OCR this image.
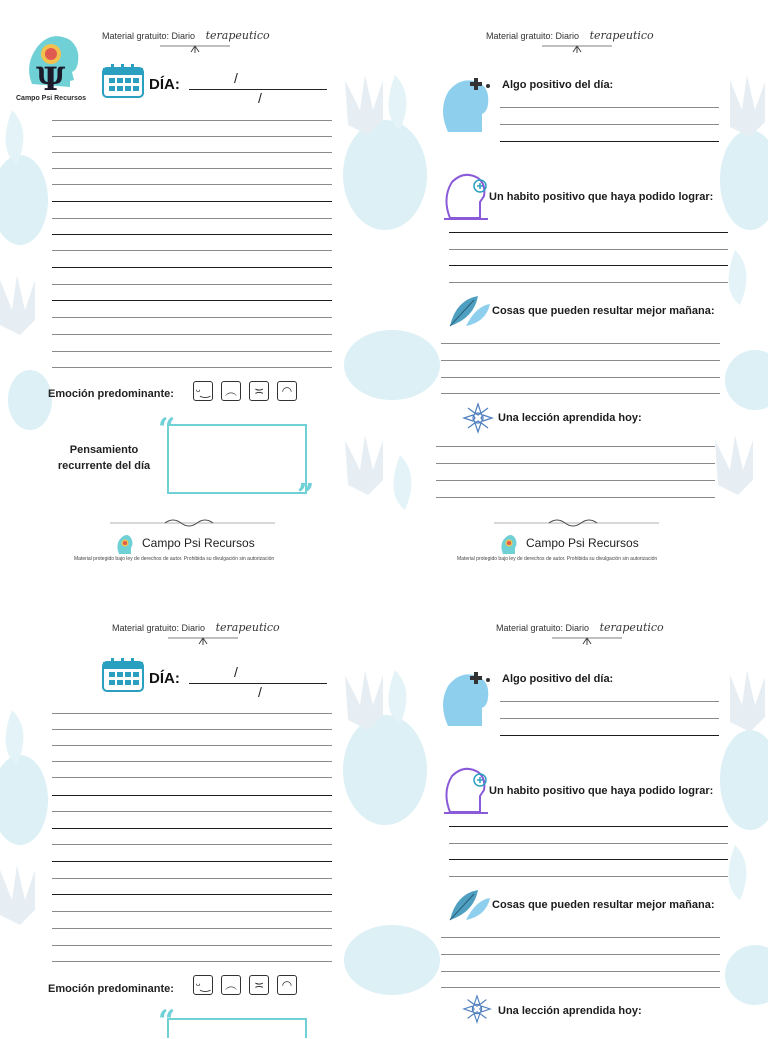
Ψ
Campo Psi Recursos
Material gratuito: Diario terapeutico
DÍA:	/
/
Emoción predominante: ᵕ‿ ︵	≍	◠
Pensamiento
recurrente del día
“
”
Campo Psi Recursos
Material protegido bajo ley de derechos de autor. Prohibida su divulgación sin autorización
Material gratuito: Diario terapeutico
Algo positivo del día:
Un habito positivo que haya podido lograr:
Cosas que pueden resultar mejor mañana:
Una lección aprendida hoy:
Campo Psi Recursos
Material protegido bajo ley de derechos de autor. Prohibida su divulgación sin autorización
Material gratuito: Diario terapeutico
DÍA:	/
/
Emoción predominante: ᵕ‿ ︵	≍	◠
“
Material gratuito: Diario terapeutico
Algo positivo del día:
Un habito positivo que haya podido lograr:
Cosas que pueden resultar mejor mañana:
Una lección aprendida hoy:
